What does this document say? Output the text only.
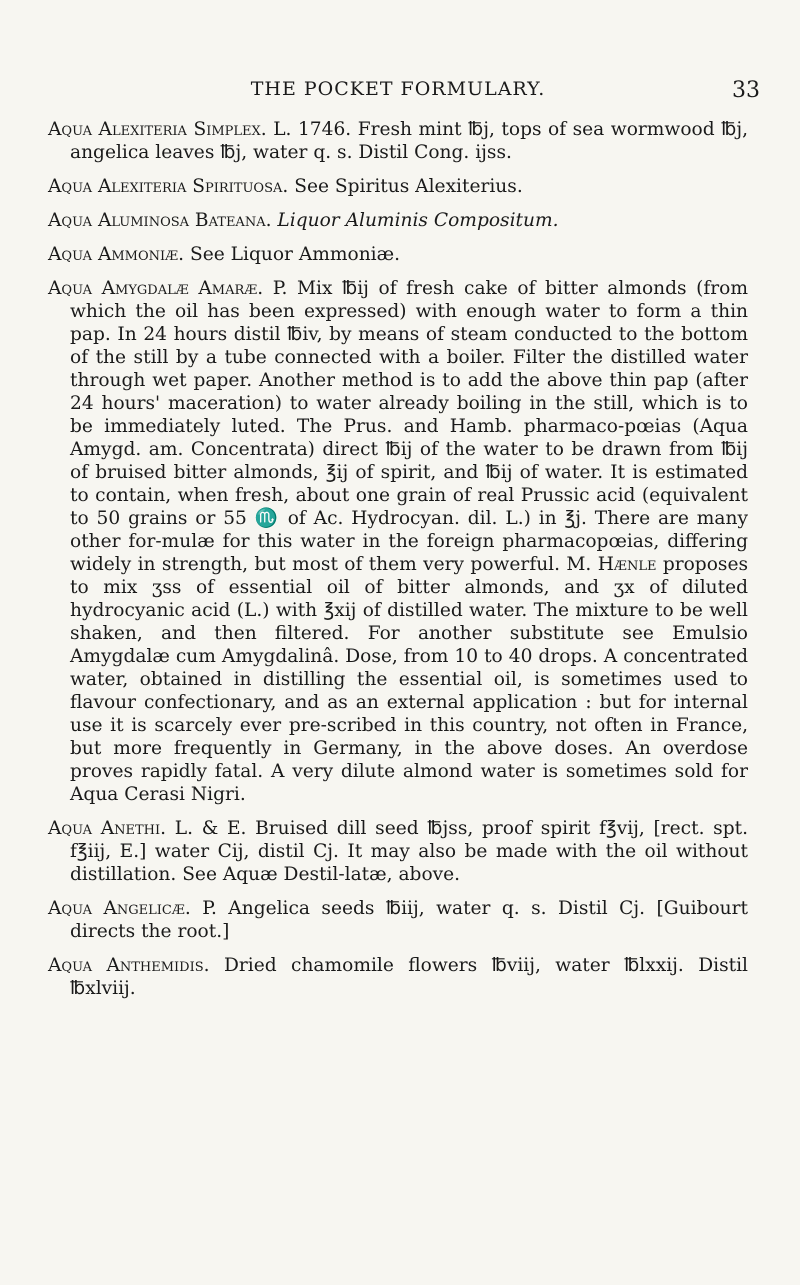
THE POCKET FORMULARY.	33

Aqua Alexiteria Simplex. L. 1746. Fresh mint ℔j, tops of sea wormwood ℔j, angelica leaves ℔j, water q. s. Distil Cong. ijss.

Aqua Alexiteria Spirituosa. See Spiritus Alexiterius.

Aqua Aluminosa Bateana. Liquor Aluminis Compositum.

Aqua Ammoniæ. See Liquor Ammoniæ.

Aqua Amygdalæ Amaræ. P. Mix ℔ij of fresh cake of bitter almonds (from which the oil has been expressed) with enough water to form a thin pap. In 24 hours distil ℔iv, by means of steam conducted to the bottom of the still by a tube connected with a boiler. Filter the distilled water through wet paper. Another method is to add the above thin pap (after 24 hours' maceration) to water already boiling in the still, which is to be immediately luted. The Prus. and Hamb. pharmaco-pœias (Aqua Amygd. am. Concentrata) direct ℔ij of the water to be drawn from ℔ij of bruised bitter almonds, ℥ij of spirit, and ℔ij of water. It is estimated to contain, when fresh, about one grain of real Prussic acid (equivalent to 50 grains or 55 ♏ of Ac. Hydrocyan. dil. L.) in ℥j. There are many other for-mulæ for this water in the foreign pharmacopœias, differing widely in strength, but most of them very powerful. M. Hænle proposes to mix ʒss of essential oil of bitter almonds, and ʒx of diluted hydrocyanic acid (L.) with ℥xij of distilled water. The mixture to be well shaken, and then filtered. For another substitute see Emulsio Amygdalæ cum Amygdalinâ. Dose, from 10 to 40 drops. A concentrated water, obtained in distilling the essential oil, is sometimes used to flavour confectionary, and as an external application : but for internal use it is scarcely ever pre-scribed in this country, not often in France, but more frequently in Germany, in the above doses. An overdose proves rapidly fatal. A very dilute almond water is sometimes sold for Aqua Cerasi Nigri.

Aqua Anethi. L. & E. Bruised dill seed ℔jss, proof spirit f℥vij, [rect. spt. f℥iij, E.] water Cij, distil Cj. It may also be made with the oil without distillation. See Aquæ Destil-latæ, above.

Aqua Angelicæ. P. Angelica seeds ℔iij, water q. s. Distil Cj. [Guibourt directs the root.]

Aqua Anthemidis. Dried chamomile flowers ℔viij, water ℔lxxij. Distil ℔xlviij.
